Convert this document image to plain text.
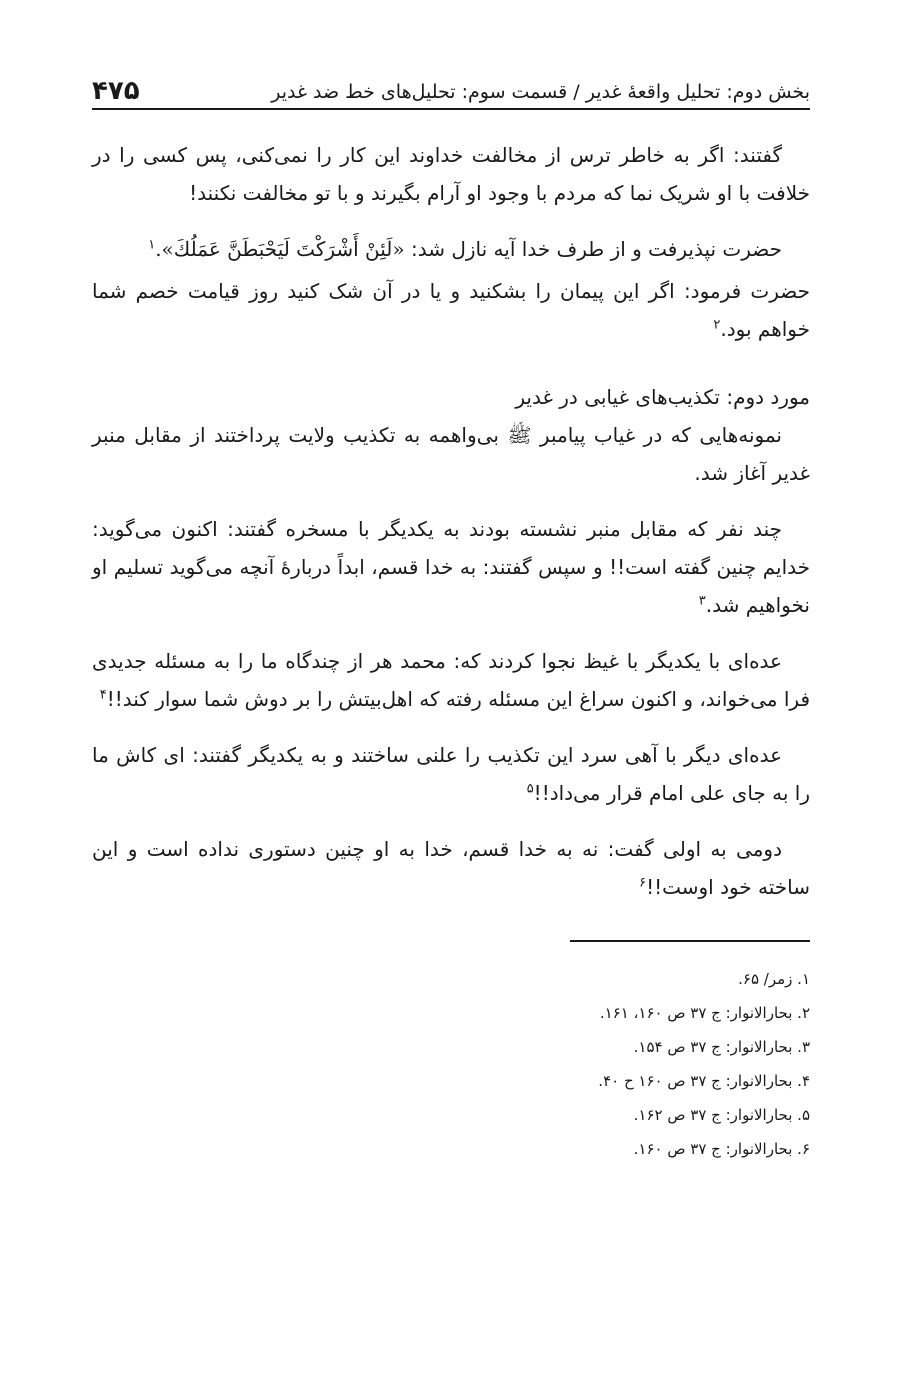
بخش دوم: تحلیل واقعهٔ غدیر / قسمت سوم: تحلیل‌های خط ضد غدیر
۴۷۵

گفتند: اگر به خاطر ترس از مخالفت خداوند این کار را نمی‌کنی، پس کسی را در خلافت با او شریک نما که مردم با وجود او آرام بگیرند و با تو مخالفت نکنند!

حضرت نپذیرفت و از طرف خدا آیه نازل شد: «لَئِنْ أَشْرَكْتَ لَيَحْبَطَنَّ عَمَلُكَ».$^۱$

حضرت فرمود: اگر این پیمان را بشکنید و یا در آن شک کنید روز قیامت خصم شما خواهم بود.$^۲$

مورد دوم: تکذیب‌های غیابی در غدیر

نمونه‌هایی که در غیاب پیامبر ﷺ بی‌واهمه به تکذیب ولایت پرداختند از مقابل منبر غدیر آغاز شد.

چند نفر که مقابل منبر نشسته بودند به یکدیگر با مسخره گفتند: اکنون می‌گوید: خدایم چنین گفته است!! و سپس گفتند: به خدا قسم، ابداً دربارهٔ آنچه می‌گوید تسلیم او نخواهیم شد.$^۳$

عده‌ای با یکدیگر با غیظ نجوا کردند که: محمد هر از چندگاه ما را به مسئله جدیدی فرا می‌خواند، و اکنون سراغ این مسئله رفته که اهل‌بیتش را بر دوش شما سوار کند!!$^۴$

عده‌ای دیگر با آهی سرد این تکذیب را علنی ساختند و به یکدیگر گفتند: ای کاش ما را به جای علی امام قرار می‌داد!!$^۵$

دومی به اولی گفت: نه به خدا قسم، خدا به او چنین دستوری نداده است و این ساخته خود اوست!!$^۶$

۱. زمر/ ۶۵.
۲. بحارالانوار: ج ۳۷ ص ۱۶۰، ۱۶۱.
۳. بحارالانوار: ج ۳۷ ص ۱۵۴.
۴. بحارالانوار: ج ۳۷ ص ۱۶۰ ح ۴۰.
۵. بحارالانوار: ج ۳۷ ص ۱۶۲.
۶. بحارالانوار: ج ۳۷ ص ۱۶۰.
